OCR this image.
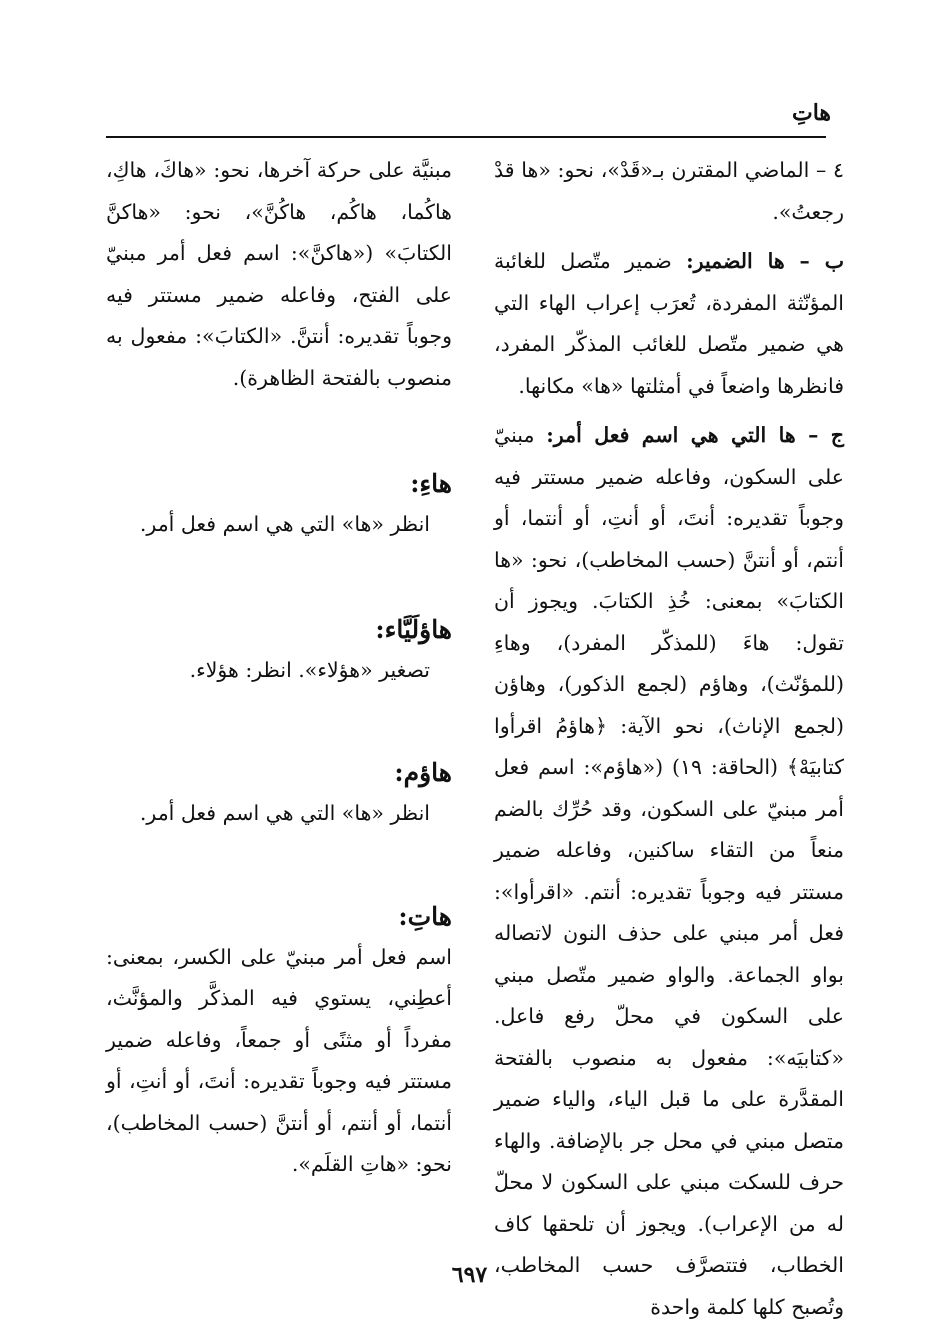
هاتِ

٤ – الماضي المقترن بـ«قَدْ»، نحو: «ها قدْ رجعتُ».

ب – ها الضمير: ضمير متّصل للغائبة المؤنّثة المفردة، تُعرَب إعراب الهاء التي هي ضمير متّصل للغائب المذكّر المفرد، فانظرها واضعاً في أمثلتها «ها» مكانها.

ج – ها التي هي اسم فعل أمر: مبنيّ على السكون، وفاعله ضمير مستتر فيه وجوباً تقديره: أنتَ، أو أنتِ، أو أنتما، أو أنتم، أو أنتنَّ (حسب المخاطب)، نحو: «ها الكتابَ» بمعنى: خُذِ الكتابَ. ويجوز أن تقول: هاءَ (للمذكّر المفرد)، وهاءِ (للمؤنّث)، وهاؤم (لجمع الذكور)، وهاؤن (لجمع الإناث)، نحو الآية: ﴿هاؤمُ اقرأوا كتابيَهْ﴾ (الحاقة: ١٩) («هاؤم»: اسم فعل أمر مبنيّ على السكون، وقد حُرِّك بالضم منعاً من التقاء ساكنين، وفاعله ضمير مستتر فيه وجوباً تقديره: أنتم. «اقرأوا»: فعل أمر مبني على حذف النون لاتصاله بواو الجماعة. والواو ضمير متّصل مبني على السكون في محلّ رفع فاعل. «كتابيَه»: مفعول به منصوب بالفتحة المقدَّرة على ما قبل الياء، والياء ضمير متصل مبني في محل جر بالإضافة. والهاء حرف للسكت مبني على السكون لا محلّ له من الإعراب). ويجوز أن تلحقها كاف الخطاب، فتتصرَّف حسب المخاطب، وتُصبح كلها كلمة واحدة

مبنيَّة على حركة آخرها، نحو: «هاكَ، هاكِ، هاكُما، هاكُم، هاكُنَّ»، نحو: «هاكنَّ الكتابَ» («هاكنَّ»: اسم فعل أمر مبنيّ على الفتح، وفاعله ضمير مستتر فيه وجوباً تقديره: أنتنَّ. «الكتابَ»: مفعول به منصوب بالفتحة الظاهرة).

هاءِ:

انظر «ها» التي هي اسم فعل أمر.

هاؤلَيَّاء:

تصغير «هؤلاء». انظر: هؤلاء.

هاؤم:

انظر «ها» التي هي اسم فعل أمر.

هاتِ:

اسم فعل أمر مبنيّ على الكسر، بمعنى: أعطِني، يستوي فيه المذكَّر والمؤنَّث، مفرداً أو مثنًى أو جمعاً، وفاعله ضمير مستتر فيه وجوباً تقديره: أنتَ، أو أنتِ، أو أنتما، أو أنتم، أو أنتنَّ (حسب المخاطب)، نحو: «هاتِ القلَم».

٦٩٧
